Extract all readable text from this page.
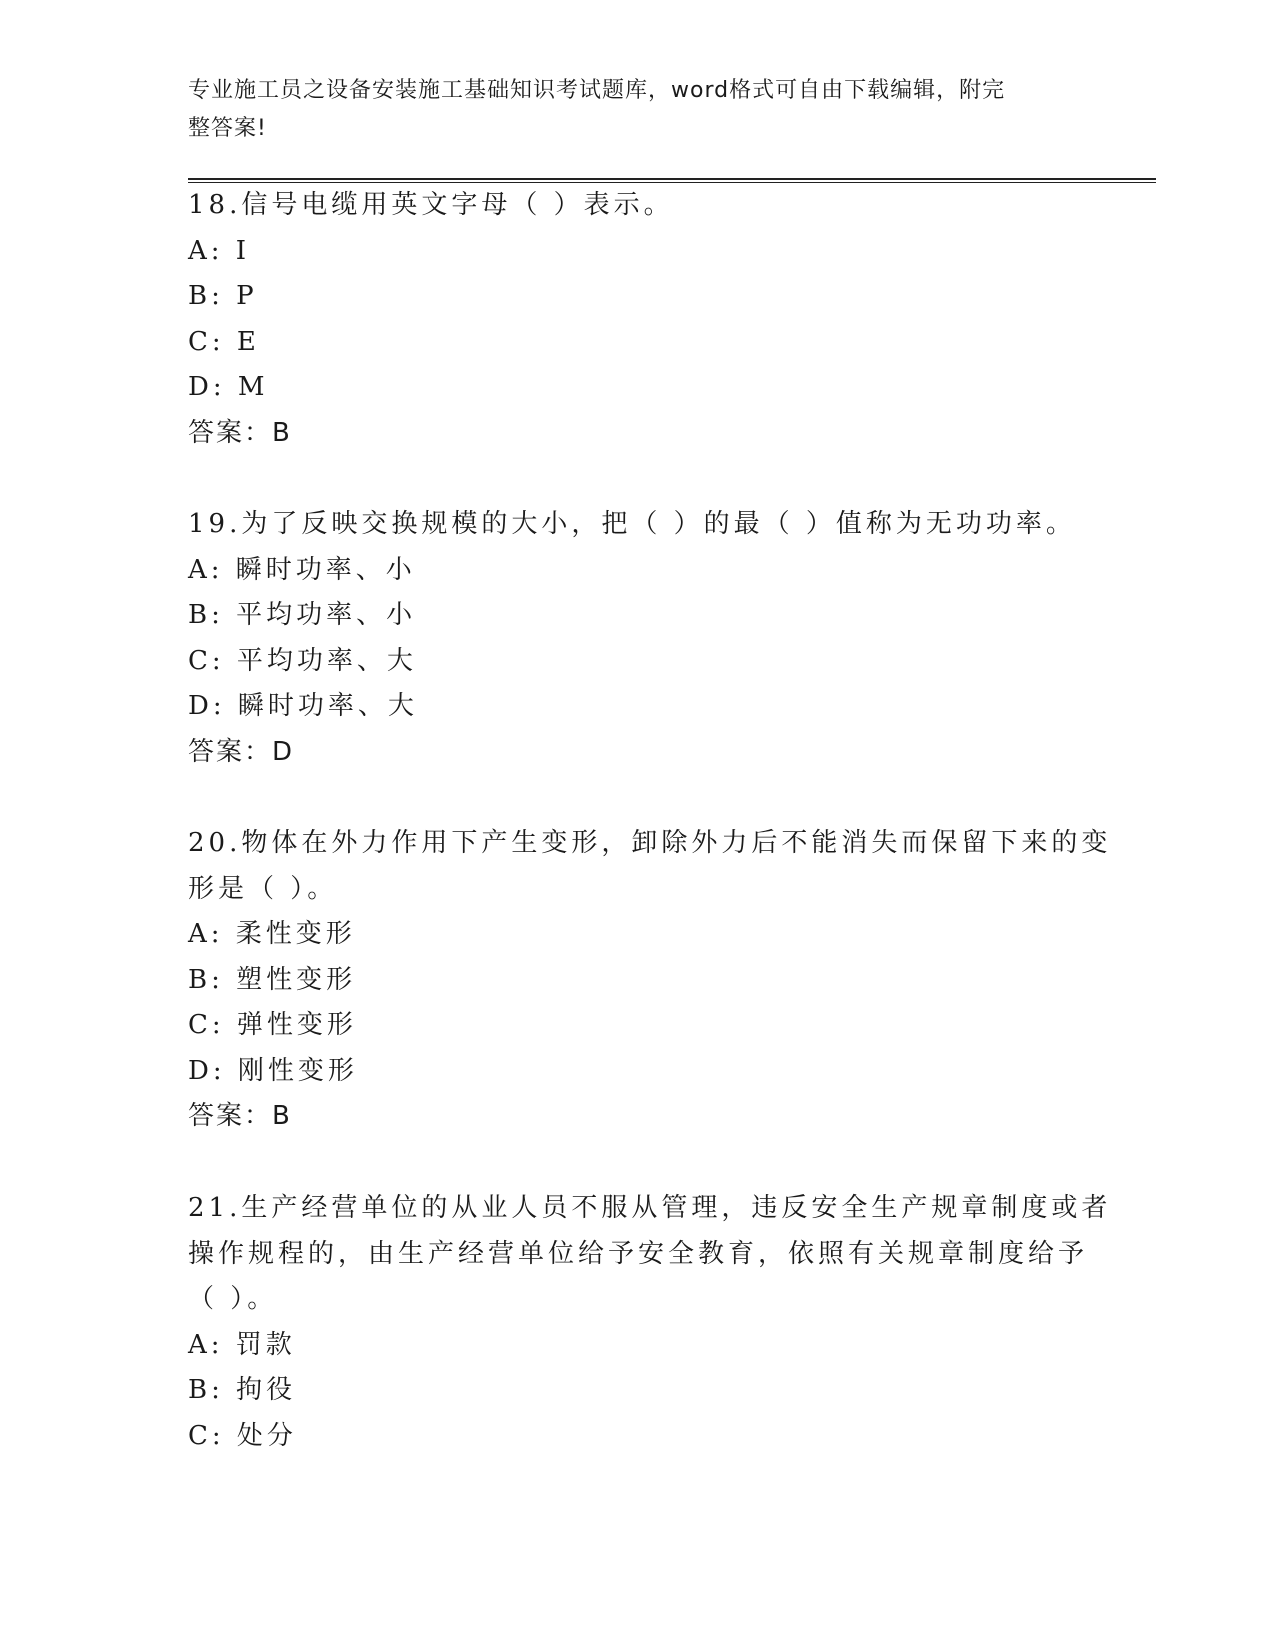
专业施工员之设备安装施工基础知识考试题库，word格式可自由下载编辑，附完
整答案!
18.信号电缆用英文字母（ ）表示。
A: I
B: P
C: E
D: M
答案：B
19.为了反映交换规模的大小，把（ ）的最（ ）值称为无功功率。
A: 瞬时功率、小
B: 平均功率、小
C: 平均功率、大
D: 瞬时功率、大
答案：D
20.物体在外力作用下产生变形，卸除外力后不能消失而保留下来的变
形是（ ）。
A: 柔性变形
B: 塑性变形
C: 弹性变形
D: 刚性变形
答案：B
21.生产经营单位的从业人员不服从管理，违反安全生产规章制度或者
操作规程的，由生产经营单位给予安全教育，依照有关规章制度给予
（ ）。
A: 罚款
B: 拘役
C: 处分
